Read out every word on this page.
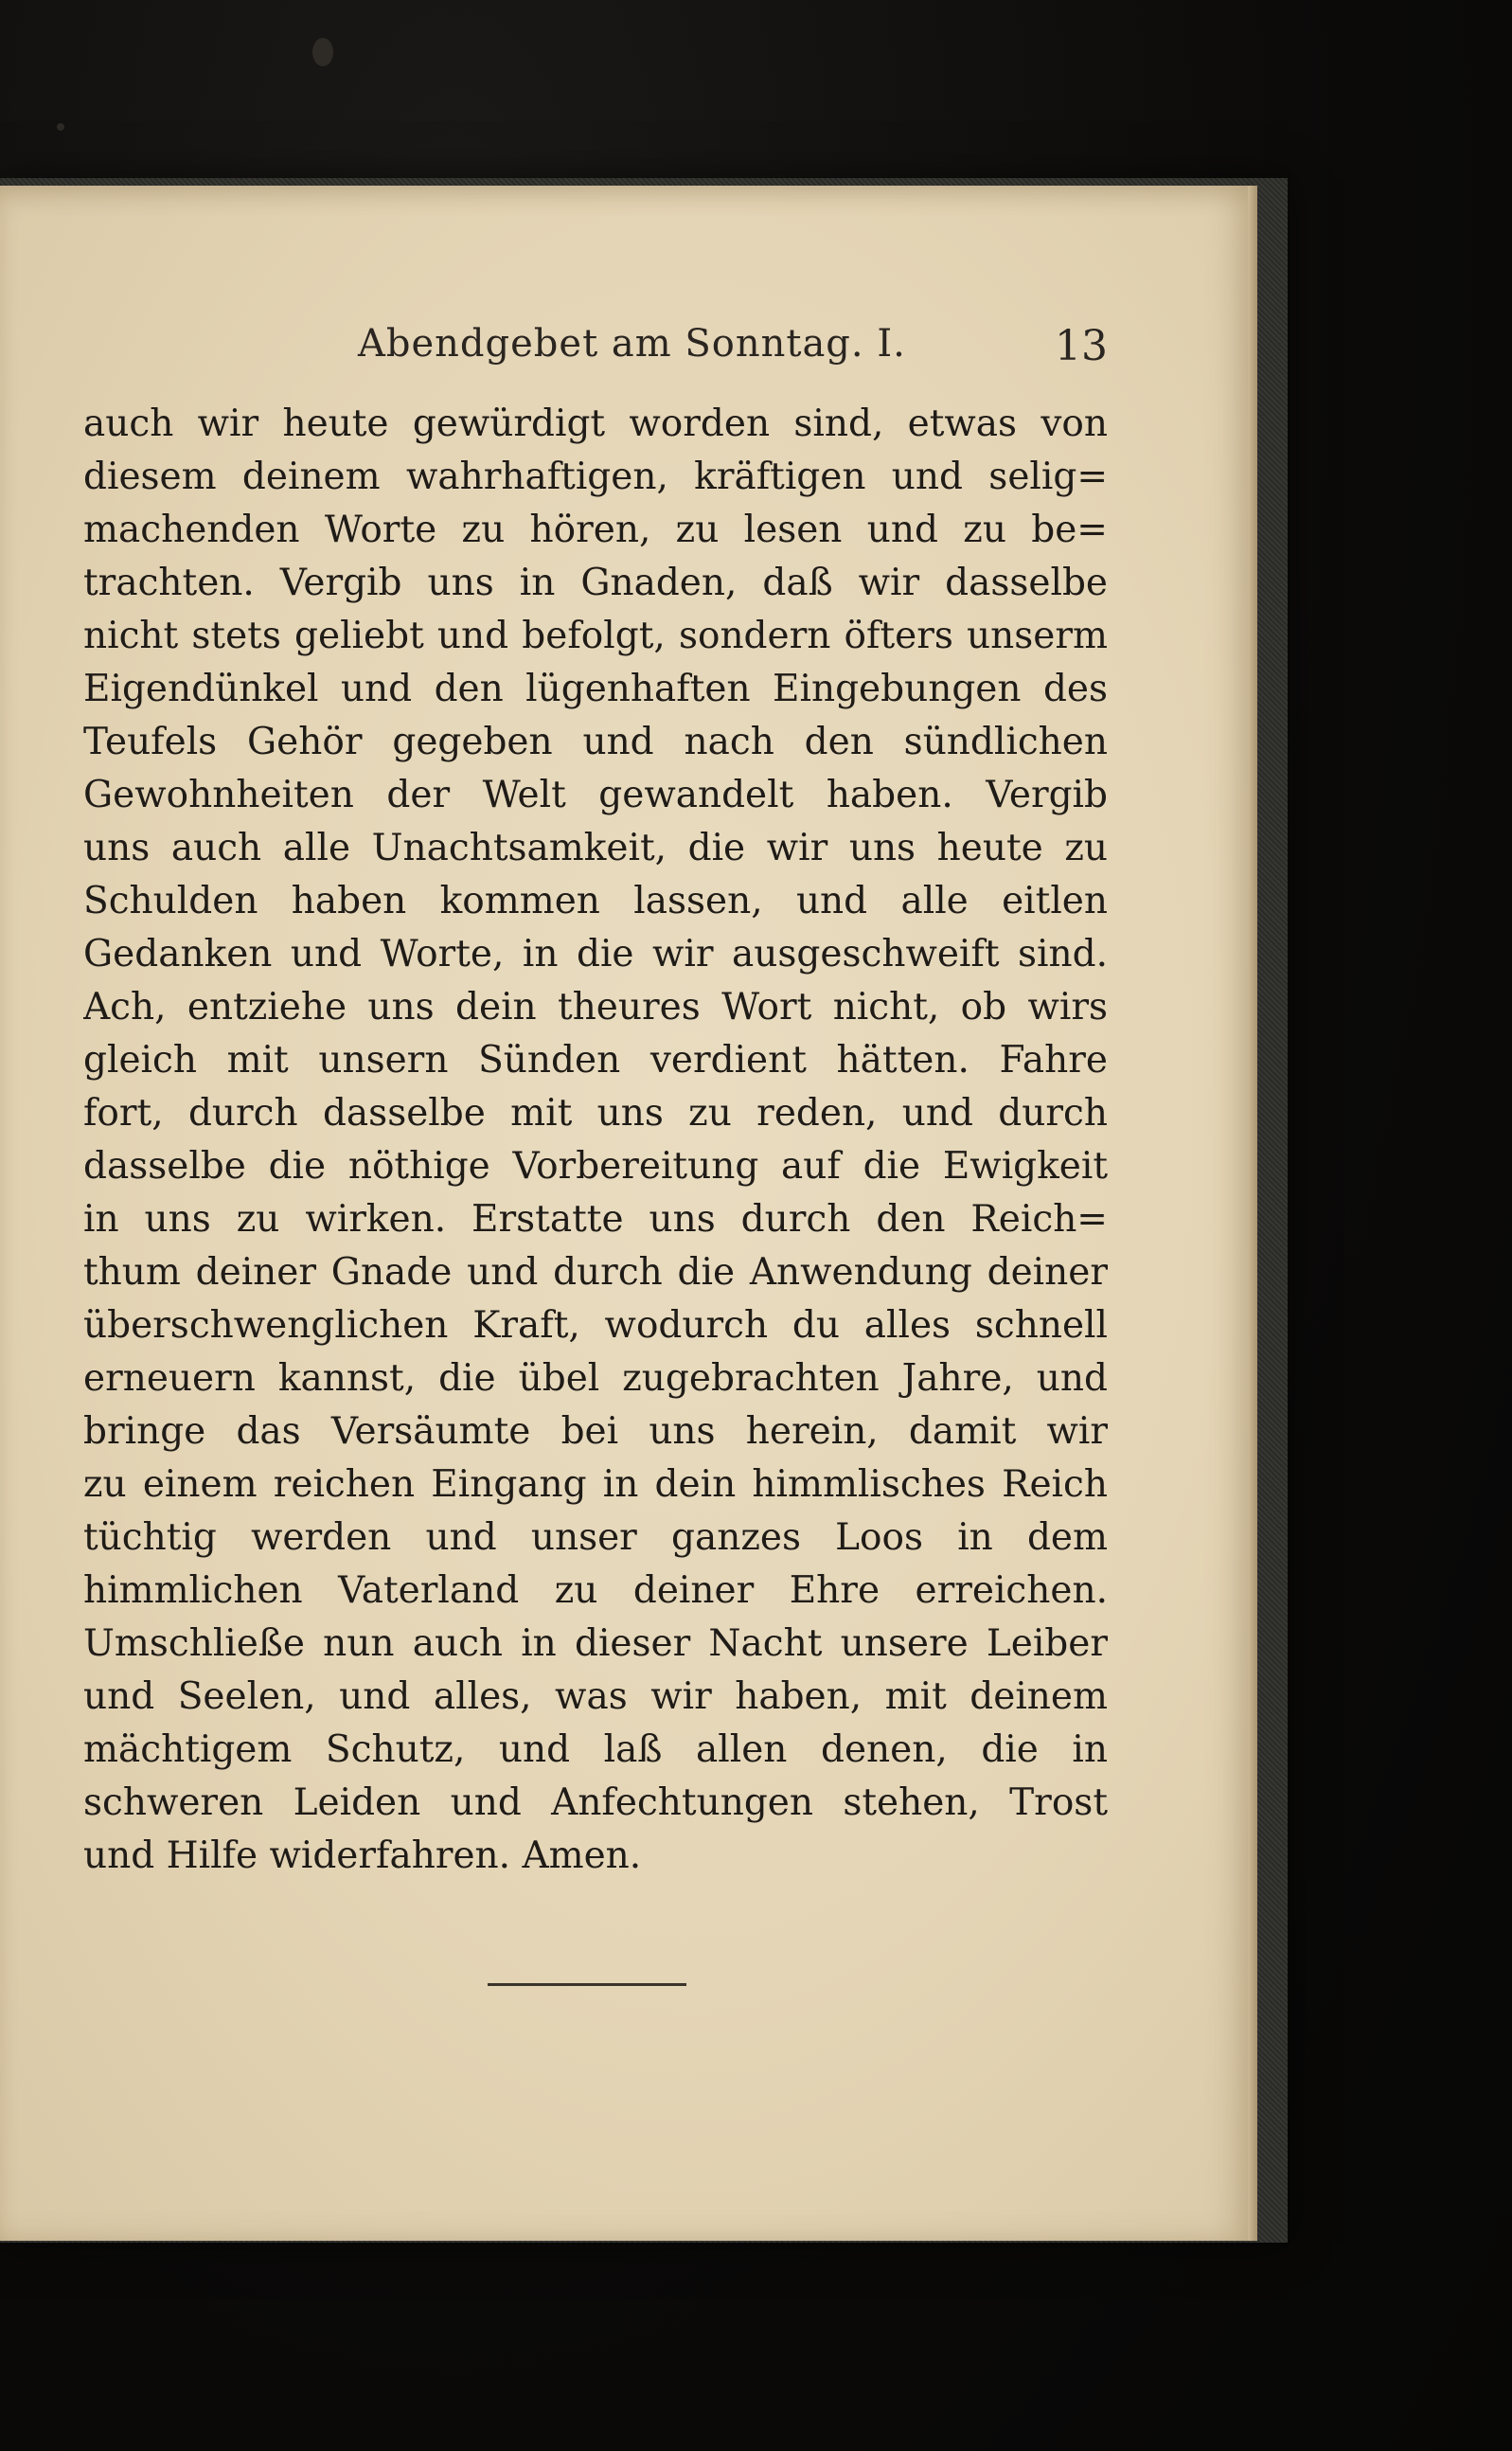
Abendgebet am Sonntag. I.	13
auch wir heute gewürdigt worden sind, etwas von
diesem deinem wahrhaftigen, kräftigen und selig=
machenden Worte zu hören, zu lesen und zu be=
trachten. Vergib uns in Gnaden, daß wir dasselbe
nicht stets geliebt und befolgt, sondern öfters unserm
Eigendünkel und den lügenhaften Eingebungen des
Teufels Gehör gegeben und nach den sündlichen
Gewohnheiten der Welt gewandelt haben. Vergib
uns auch alle Unachtsamkeit, die wir uns heute zu
Schulden haben kommen lassen, und alle eitlen
Gedanken und Worte, in die wir ausgeschweift sind.
Ach, entziehe uns dein theures Wort nicht, ob wirs
gleich mit unsern Sünden verdient hätten. Fahre
fort, durch dasselbe mit uns zu reden, und durch
dasselbe die nöthige Vorbereitung auf die Ewigkeit
in uns zu wirken. Erstatte uns durch den Reich=
thum deiner Gnade und durch die Anwendung deiner
überschwenglichen Kraft, wodurch du alles schnell
erneuern kannst, die übel zugebrachten Jahre, und
bringe das Versäumte bei uns herein, damit wir
zu einem reichen Eingang in dein himmlisches Reich
tüchtig werden und unser ganzes Loos in dem
himmlichen Vaterland zu deiner Ehre erreichen.
Umschließe nun auch in dieser Nacht unsere Leiber
und Seelen, und alles, was wir haben, mit deinem
mächtigem Schutz, und laß allen denen, die in
schweren Leiden und Anfechtungen stehen, Trost
und Hilfe widerfahren. Amen.
